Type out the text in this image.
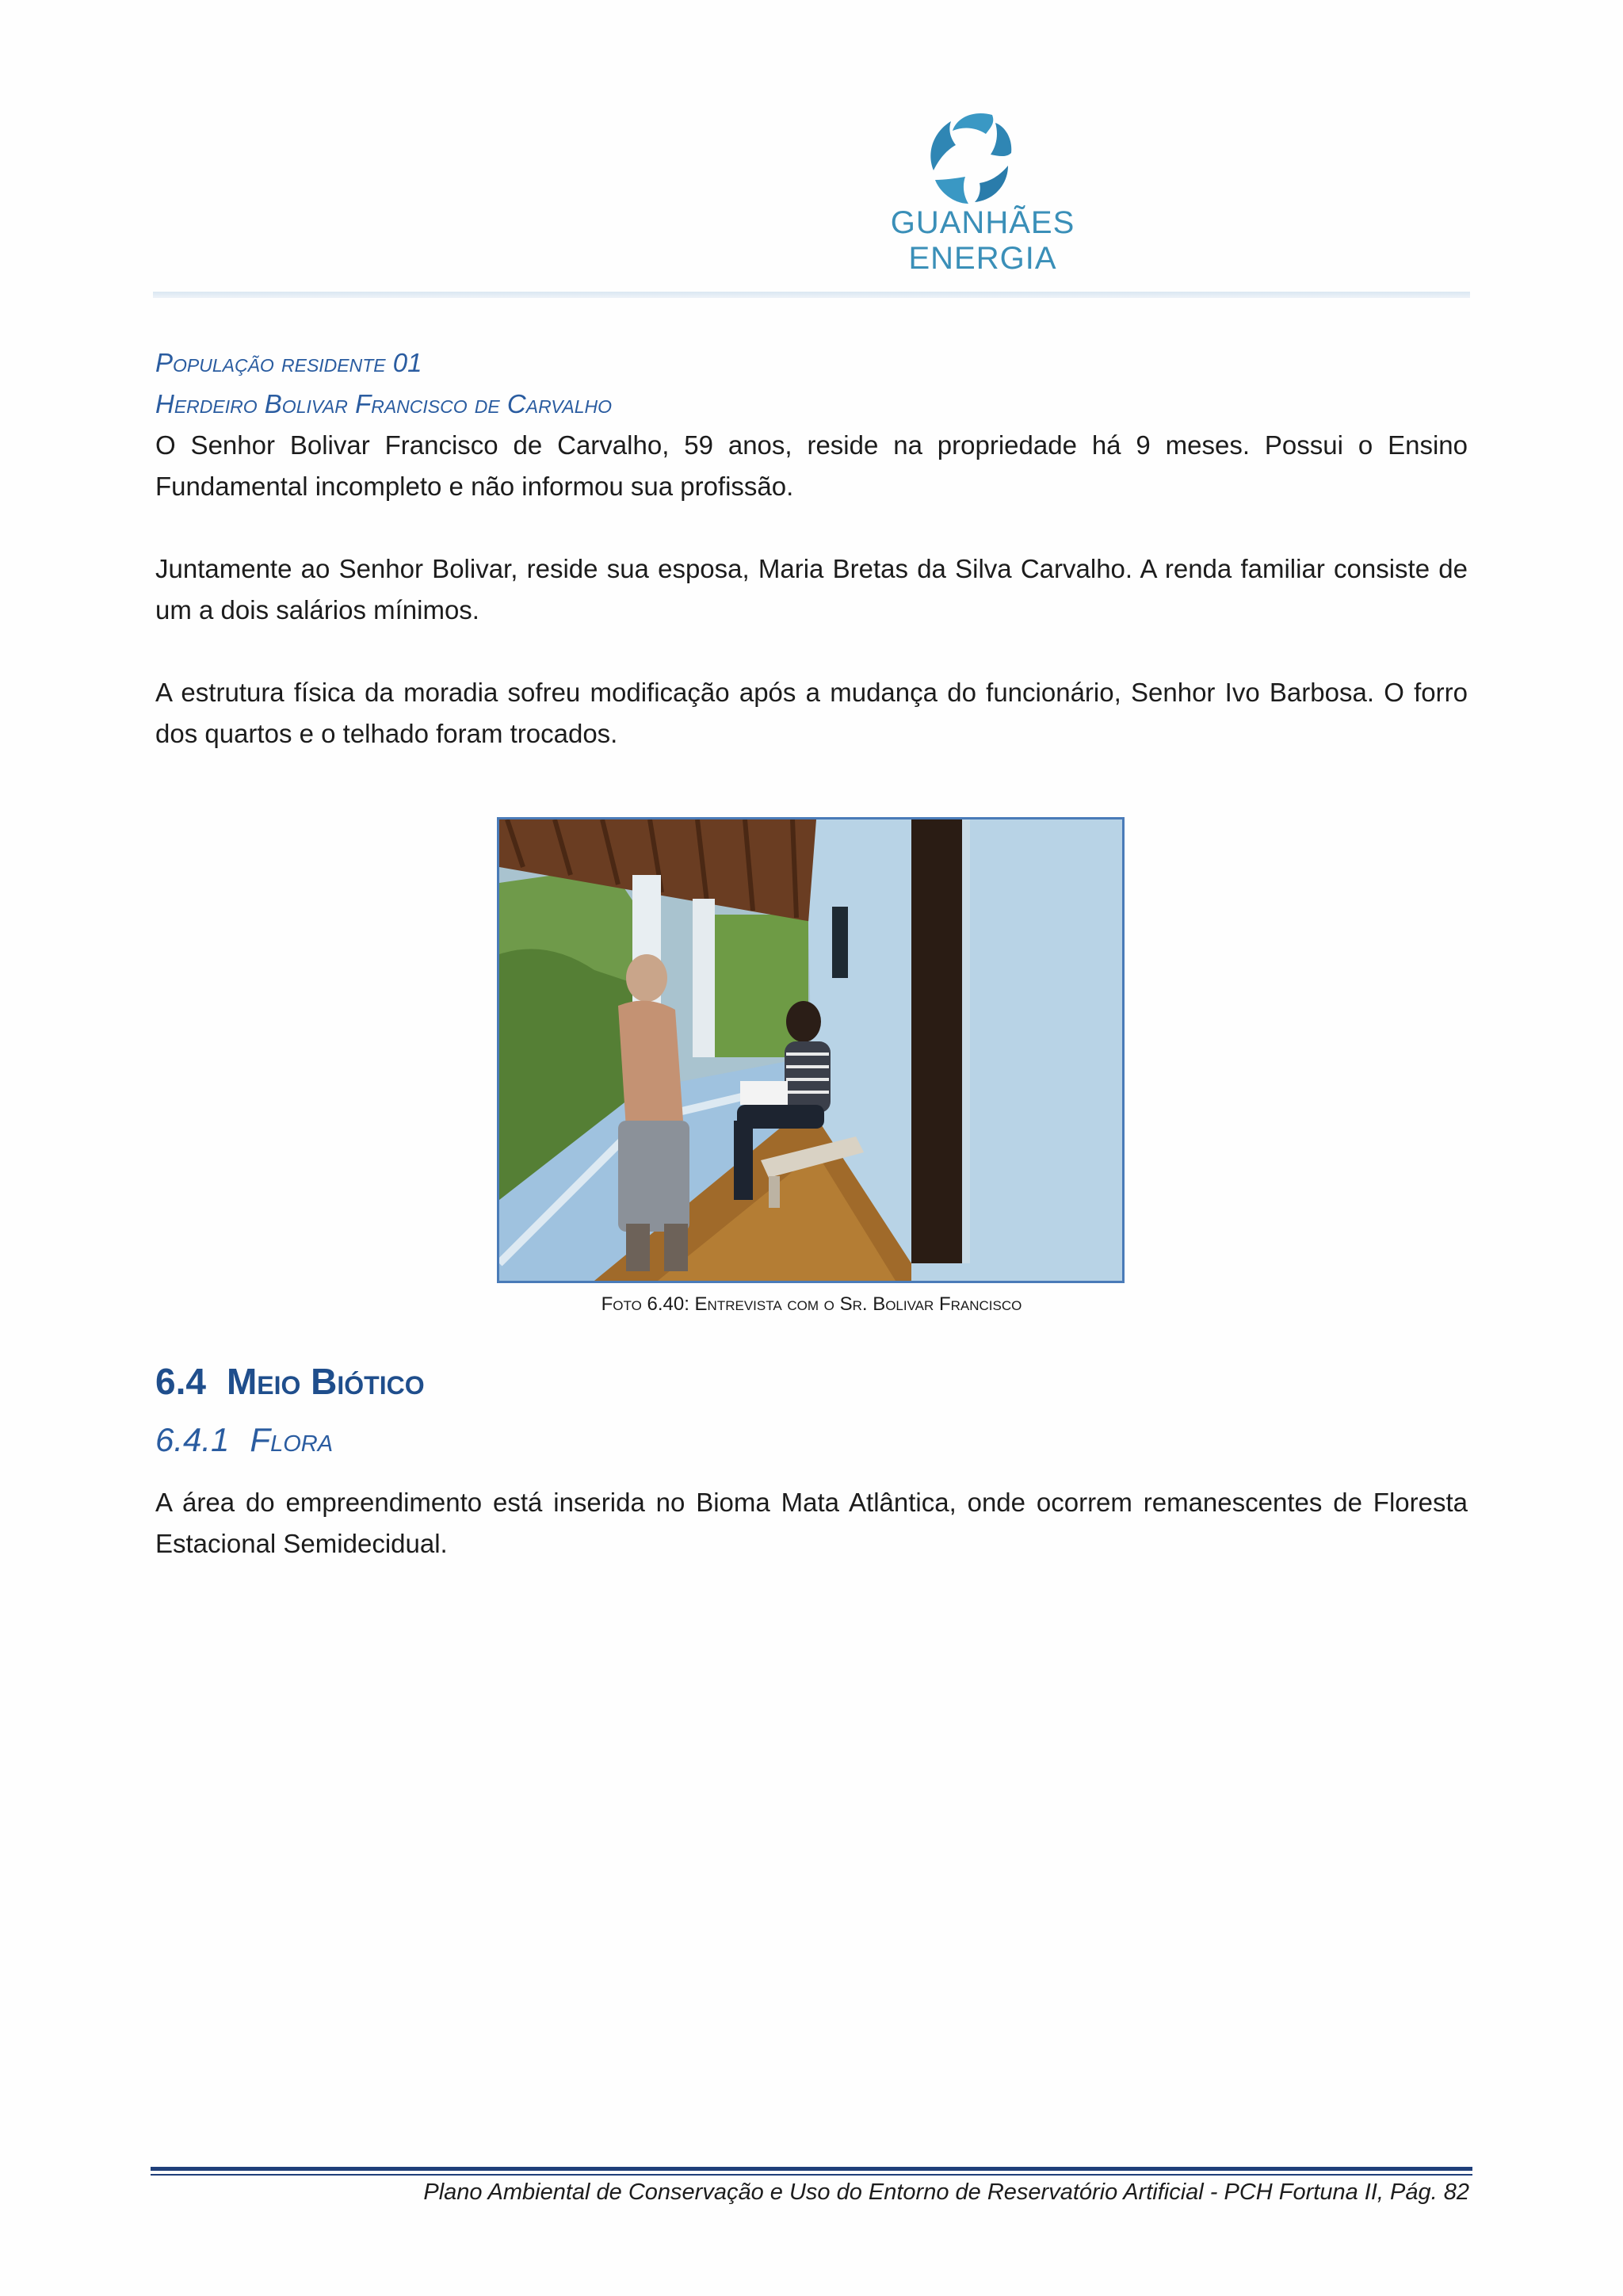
GUANHÃES ENERGIA

População residente 01

Herdeiro Bolivar Francisco de Carvalho

O Senhor Bolivar Francisco de Carvalho, 59 anos, reside na propriedade há 9 meses. Possui o Ensino Fundamental incompleto e não informou sua profissão.

Juntamente ao Senhor Bolivar, reside sua esposa, Maria Bretas da Silva Carvalho. A renda familiar consiste de um a dois salários mínimos.

A estrutura física da moradia sofreu modificação após a mudança do funcionário, Senhor Ivo Barbosa. O forro dos quartos e o telhado foram trocados.

Foto 6.40: Entrevista com o Sr. Bolivar Francisco
6.4 Meio Biótico
6.4.1 Flora

A área do empreendimento está inserida no Bioma Mata Atlântica, onde ocorrem remanescentes de Floresta Estacional Semidecidual.

Plano Ambiental de Conservação e Uso do Entorno de Reservatório Artificial - PCH Fortuna II, Pág. 82
